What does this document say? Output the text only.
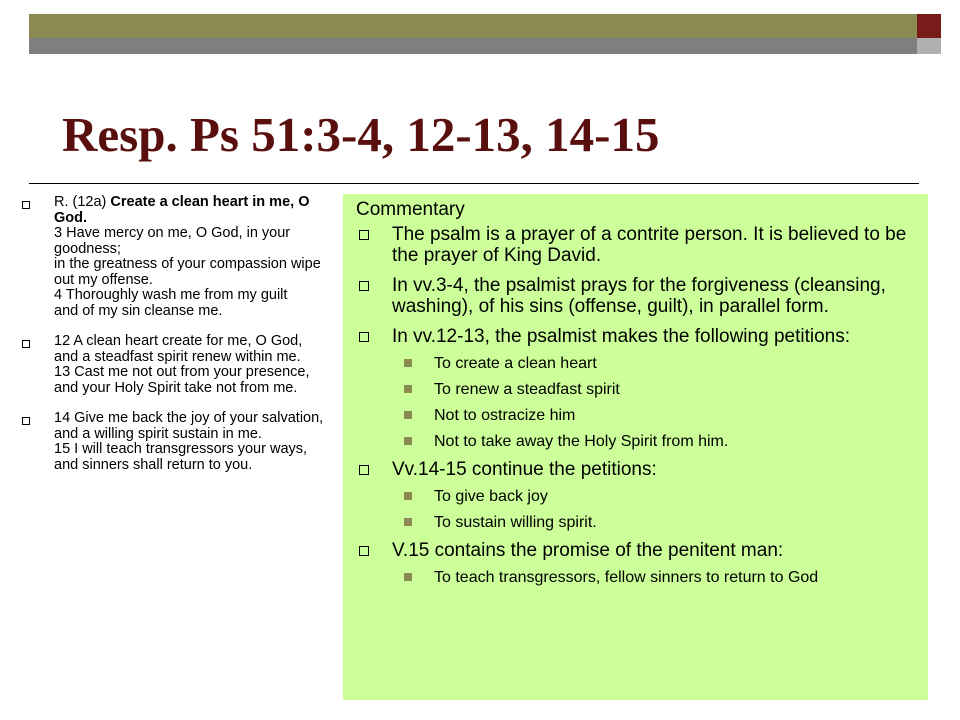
Resp. Ps 51:3-4, 12-13, 14-15
R. (12a) Create a clean heart in me, O God.
3 Have mercy on me, O God, in your goodness;
in the greatness of your compassion wipe out my offense.
4 Thoroughly wash me from my guilt
and of my sin cleanse me.
12 A clean heart create for me, O God,
and a steadfast spirit renew within me.
13 Cast me not out from your presence,
and your Holy Spirit take not from me.
14 Give me back the joy of your salvation,
and a willing spirit sustain in me.
15 I will teach transgressors your ways,
and sinners shall return to you.
Commentary
The psalm is a prayer of a contrite person. It is believed to be the prayer of King David.
In vv.3-4, the psalmist prays for the forgiveness (cleansing, washing), of his sins (offense, guilt), in parallel form.
In vv.12-13, the psalmist makes the following petitions:
To create a clean heart
To renew a steadfast spirit
Not to ostracize him
Not to take away the Holy Spirit from him.
Vv.14-15 continue the petitions:
To give back joy
To sustain willing spirit.
V.15 contains the promise of the penitent man:
To teach transgressors, fellow sinners to return to God
